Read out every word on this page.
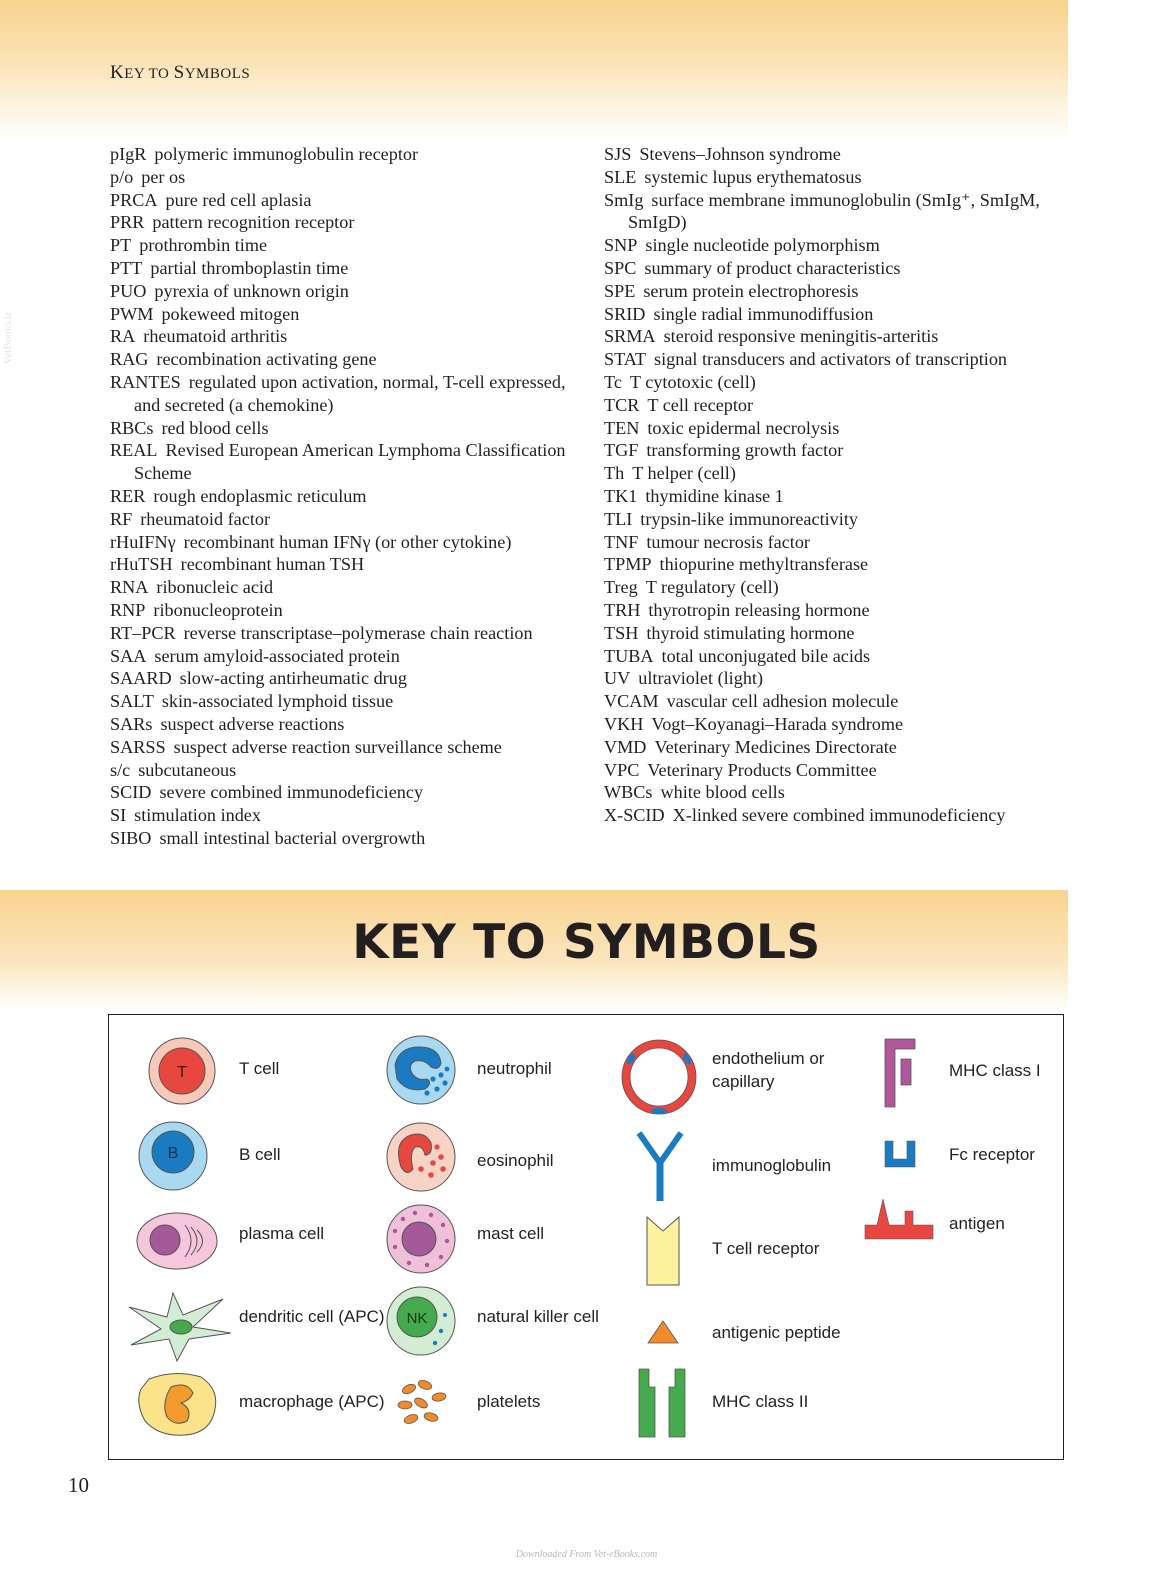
KEY TO SYMBOLS
VetBooks.ir
pIgR polymeric immunoglobulin receptor
p/o per os
PRCA pure red cell aplasia
PRR pattern recognition receptor
PT prothrombin time
PTT partial thromboplastin time
PUO pyrexia of unknown origin
PWM pokeweed mitogen
RA rheumatoid arthritis
RAG recombination activating gene
RANTES regulated upon activation, normal, T-cell expressed, and secreted (a chemokine)
RBCs red blood cells
REAL Revised European American Lymphoma Classification Scheme
RER rough endoplasmic reticulum
RF rheumatoid factor
rHuIFNγ recombinant human IFNγ (or other cytokine)
rHuTSH recombinant human TSH
RNA ribonucleic acid
RNP ribonucleoprotein
RT–PCR reverse transcriptase–polymerase chain reaction
SAA serum amyloid-associated protein
SAARD slow-acting antirheumatic drug
SALT skin-associated lymphoid tissue
SARs suspect adverse reactions
SARSS suspect adverse reaction surveillance scheme
s/c subcutaneous
SCID severe combined immunodeficiency
SI stimulation index
SIBO small intestinal bacterial overgrowth
SJS Stevens–Johnson syndrome
SLE systemic lupus erythematosus
SmIg surface membrane immunoglobulin (SmIg⁺, SmIgM, SmIgD)
SNP single nucleotide polymorphism
SPC summary of product characteristics
SPE serum protein electrophoresis
SRID single radial immunodiffusion
SRMA steroid responsive meningitis-arteritis
STAT signal transducers and activators of transcription
Tc T cytotoxic (cell)
TCR T cell receptor
TEN toxic epidermal necrolysis
TGF transforming growth factor
Th T helper (cell)
TK1 thymidine kinase 1
TLI trypsin-like immunoreactivity
TNF tumour necrosis factor
TPMP thiopurine methyltransferase
Treg T regulatory (cell)
TRH thyrotropin releasing hormone
TSH thyroid stimulating hormone
TUBA total unconjugated bile acids
UV ultraviolet (light)
VCAM vascular cell adhesion molecule
VKH Vogt–Koyanagi–Harada syndrome
VMD Veterinary Medicines Directorate
VPC Veterinary Products Committee
WBCs white blood cells
X-SCID X-linked severe combined immunodeficiency
KEY TO SYMBOLS
T	T cell
B	B cell
plasma cell
dendritic cell (APC)
macrophage (APC)
neutrophil
eosinophil
mast cell
NK	natural killer cell
platelets
endothelium or
capillary
immunoglobulin
T cell receptor
antigenic peptide
MHC class II
MHC class I
Fc receptor
antigen
10
Downloaded From Vet-eBooks.com
